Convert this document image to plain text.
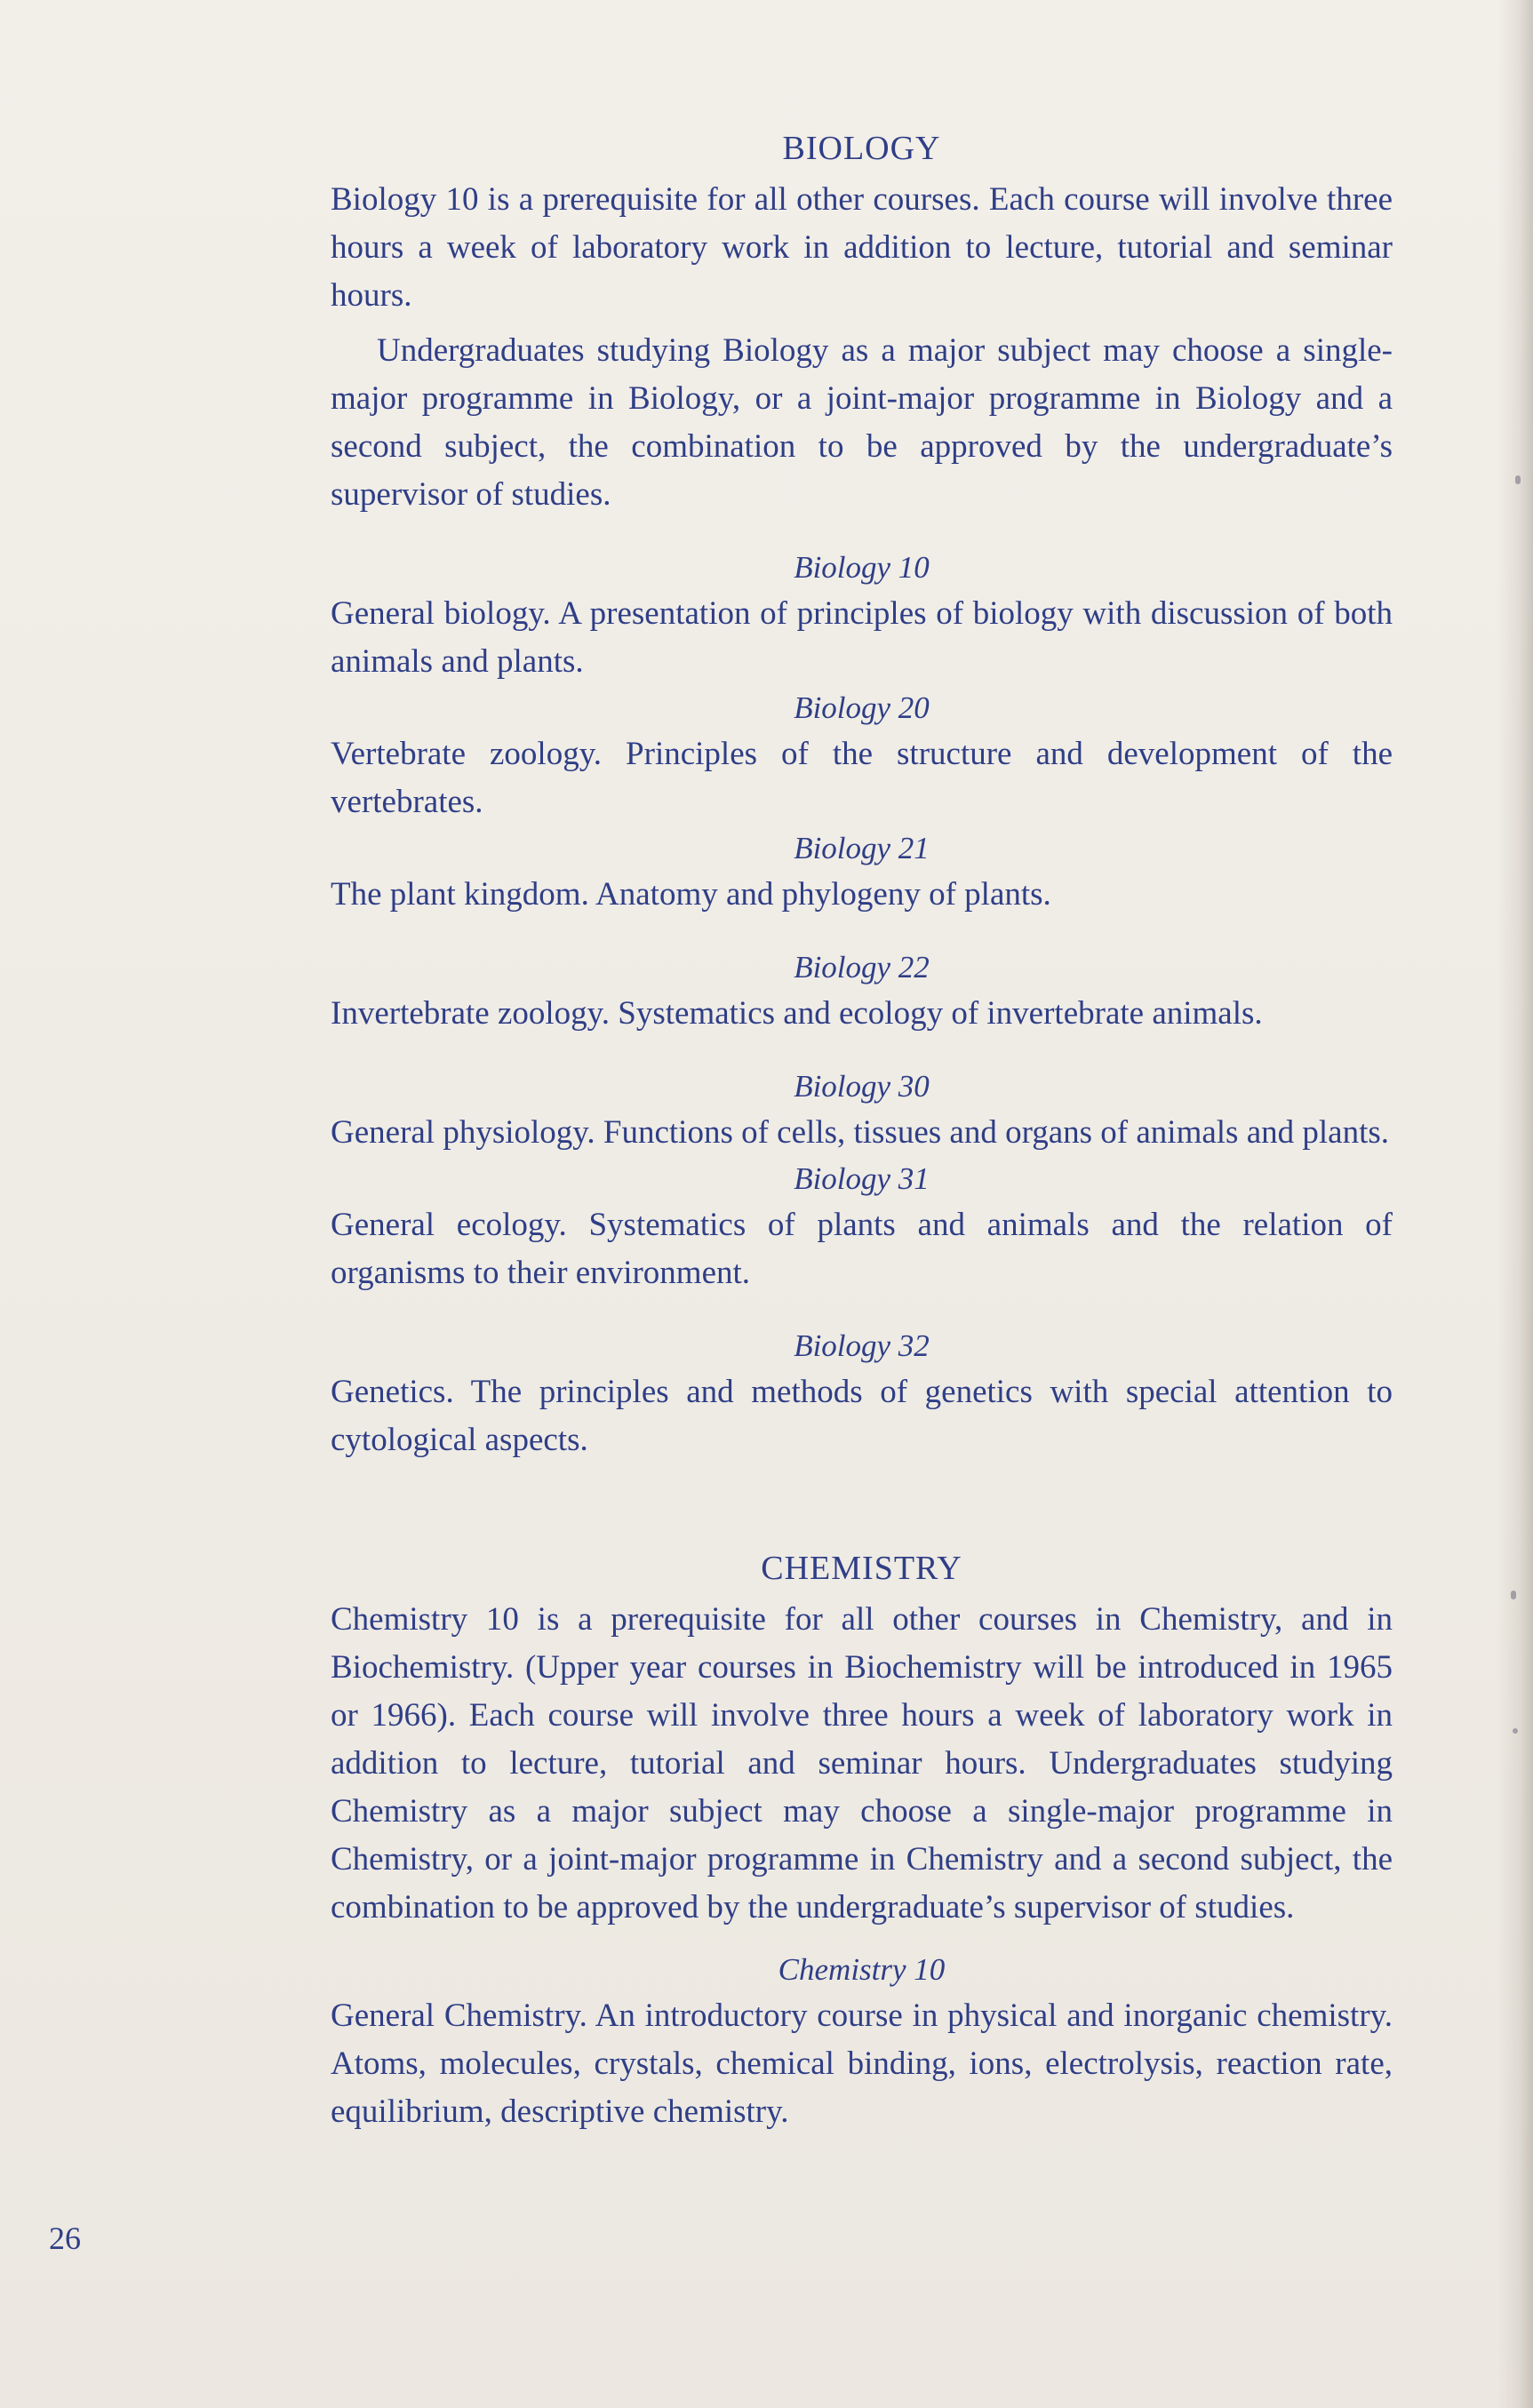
BIOLOGY

Biology 10 is a prerequisite for all other courses. Each course will involve three hours a week of laboratory work in addition to lecture, tutorial and seminar hours.

Undergraduates studying Biology as a major subject may choose a single-major programme in Biology, or a joint-major programme in Biology and a second subject, the combination to be approved by the undergraduate’s supervisor of studies.

Biology 10

General biology. A presentation of principles of biology with discussion of both animals and plants.

Biology 20

Vertebrate zoology. Principles of the structure and development of the vertebrates.

Biology 21

The plant kingdom. Anatomy and phylogeny of plants.

Biology 22

Invertebrate zoology. Systematics and ecology of invertebrate animals.

Biology 30

General physiology. Functions of cells, tissues and organs of animals and plants.

Biology 31

General ecology. Systematics of plants and animals and the relation of organisms to their environment.

Biology 32

Genetics. The principles and methods of genetics with special attention to cytological aspects.

CHEMISTRY

Chemistry 10 is a prerequisite for all other courses in Chemistry, and in Biochemistry. (Upper year courses in Biochemistry will be introduced in 1965 or 1966). Each course will involve three hours a week of laboratory work in addition to lecture, tutorial and seminar hours. Undergraduates studying Chemistry as a major subject may choose a single-major programme in Chemistry, or a joint-major programme in Chemistry and a second subject, the combination to be approved by the undergraduate’s supervisor of studies.

Chemistry 10

General Chemistry. An introductory course in physical and inorganic chemistry. Atoms, molecules, crystals, chemical binding, ions, electrolysis, reaction rate, equilibrium, descriptive chemistry.

26
